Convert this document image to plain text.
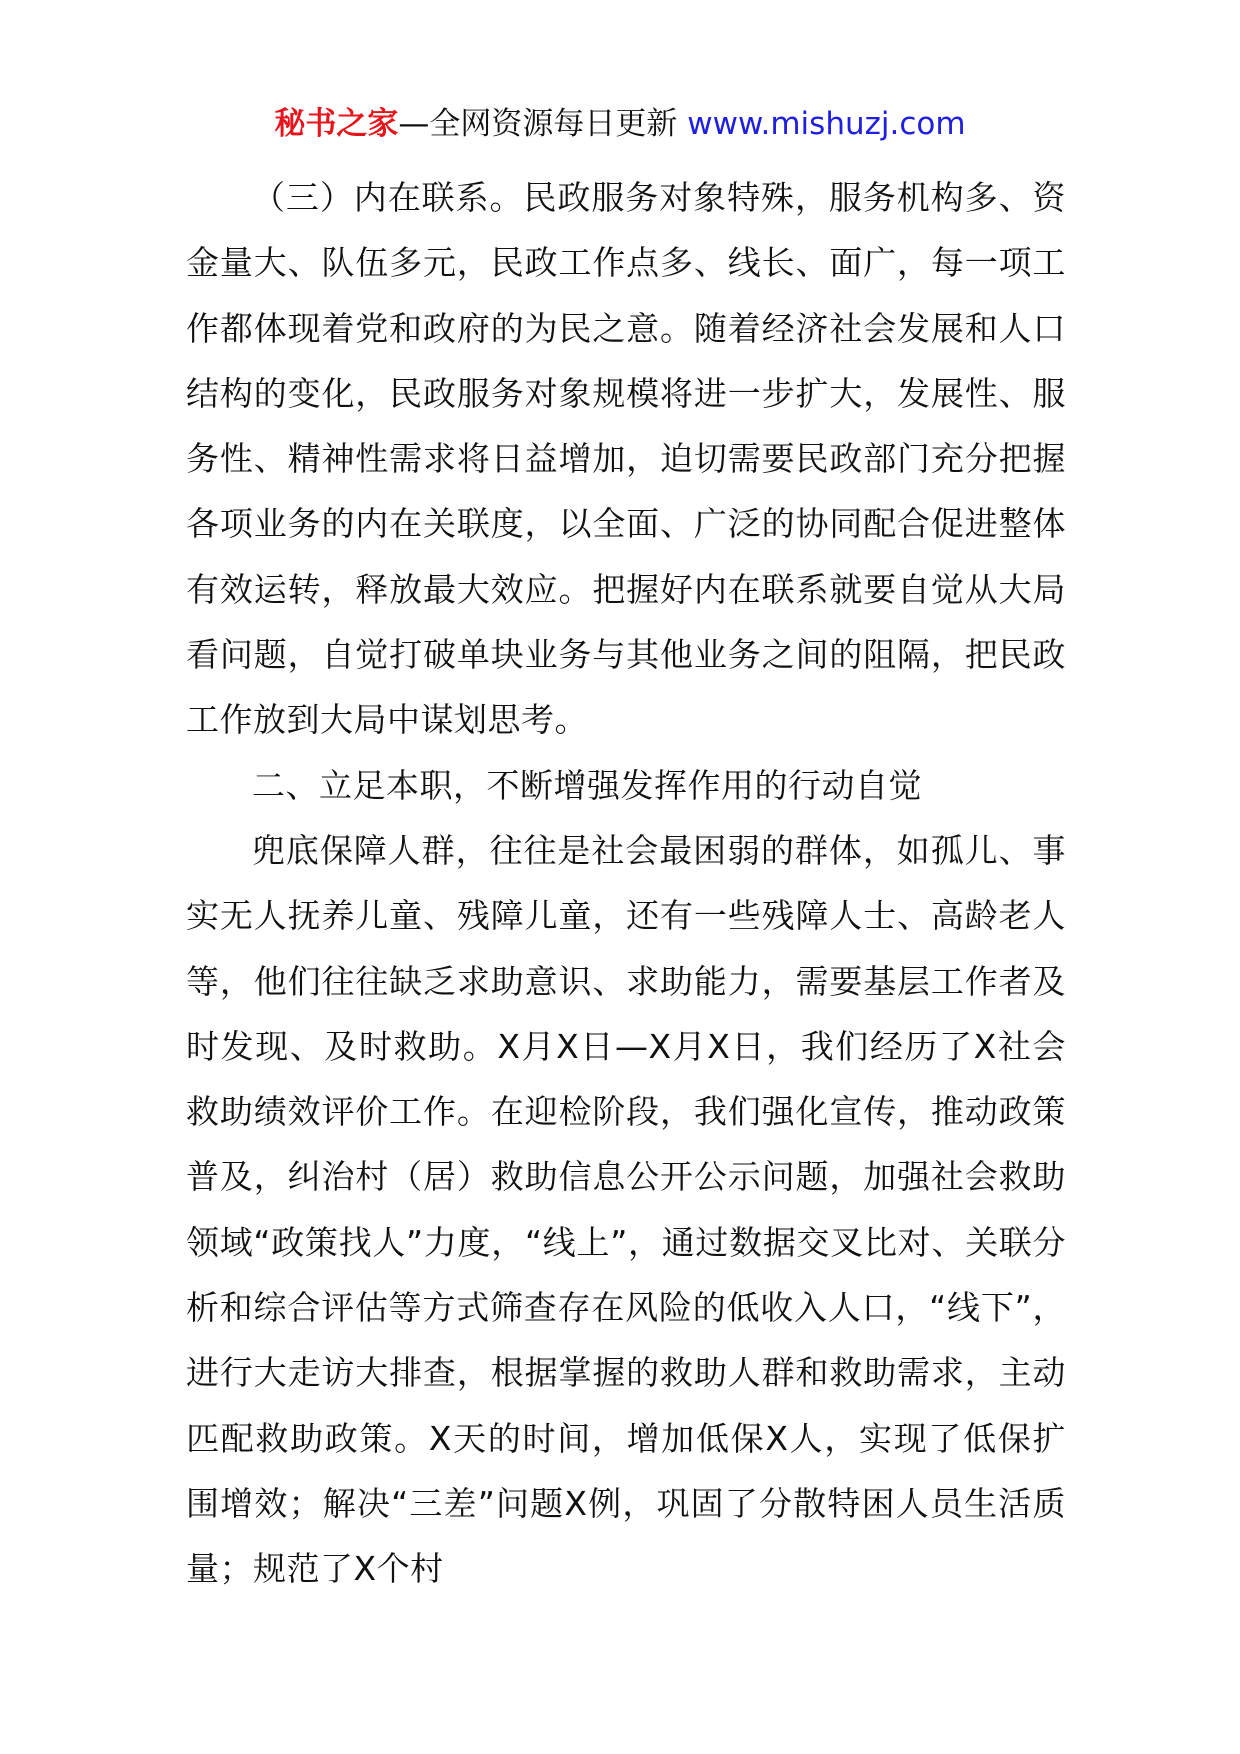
秘书之家—全网资源每日更新 www.mishuzj.com

（三）内在联系。民政服务对象特殊，服务机构多、资金量大、队伍多元，民政工作点多、线长、面广，每一项工作都体现着党和政府的为民之意。随着经济社会发展和人口结构的变化，民政服务对象规模将进一步扩大，发展性、服务性、精神性需求将日益增加，迫切需要民政部门充分把握各项业务的内在关联度，以全面、广泛的协同配合促进整体有效运转，释放最大效应。把握好内在联系就要自觉从大局看问题，自觉打破单块业务与其他业务之间的阻隔，把民政工作放到大局中谋划思考。

二、立足本职，不断增强发挥作用的行动自觉

兜底保障人群，往往是社会最困弱的群体，如孤儿、事实无人抚养儿童、残障儿童，还有一些残障人士、高龄老人等，他们往往缺乏求助意识、求助能力，需要基层工作者及时发现、及时救助。X月X日—X月X日，我们经历了X社会救助绩效评价工作。在迎检阶段，我们强化宣传，推动政策普及，纠治村（居）救助信息公开公示问题，加强社会救助领域“政策找人”力度，“线上”，通过数据交叉比对、关联分析和综合评估等方式筛查存在风险的低收入人口，“线下”，进行大走访大排查，根据掌握的救助人群和救助需求，主动匹配救助政策。X天的时间，增加低保X人，实现了低保扩围增效；解决“三差”问题X例，巩固了分散特困人员生活质量；规范了X个村
